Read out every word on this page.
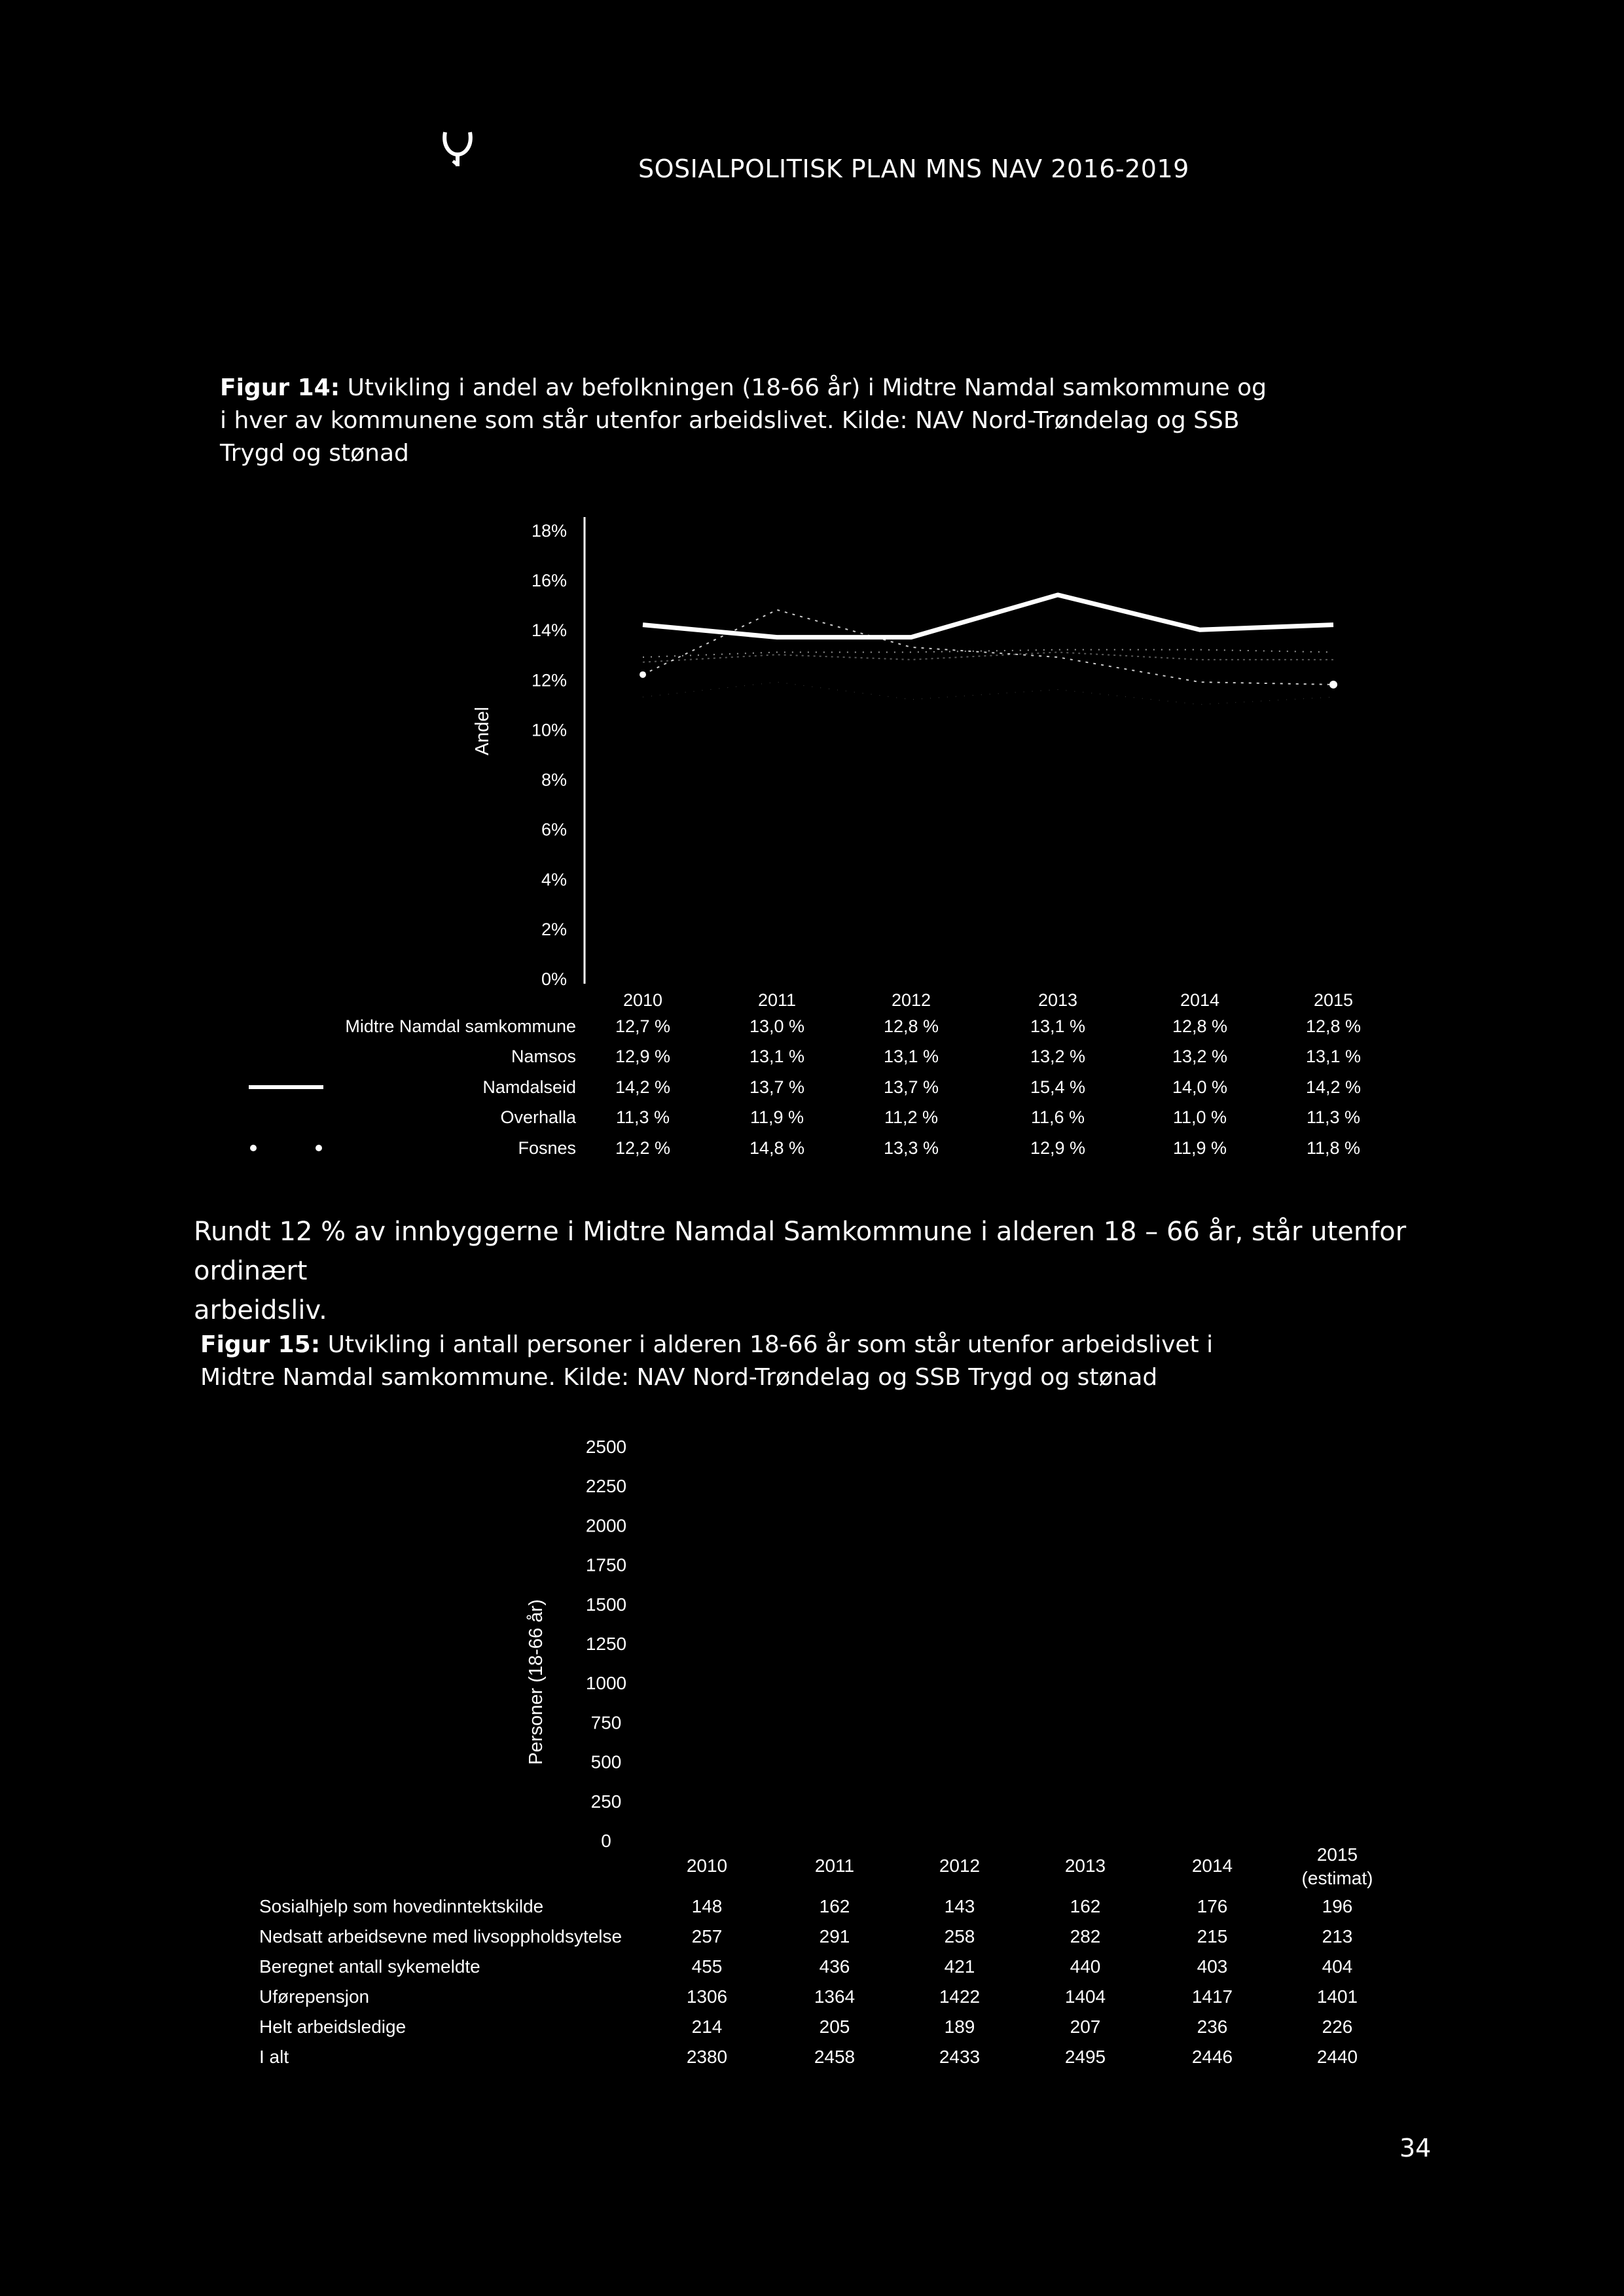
SOSIALPOLITISK PLAN MNS NAV 2016-2019
Figur 14: Utvikling i andel av befolkningen (18-66 år) i Midtre Namdal samkommune og
i hver av kommunene som står utenfor arbeidslivet. Kilde: NAV Nord-Trøndelag og SSB
Trygd og stønad
0%
2%
4%
6%
8%
10%
12%
14%
16%
18%
Andel
2010	2011	2012	2013	2014	2015
Midtre Namdal samkommune 12,7 %	13,0 %	12,8 %	13,1 %	12,8 %	12,8 %
Namsos 12,9 %	13,1 %	13,1 %	13,2 %	13,2 %	13,1 %
Namdalseid 14,2 %	13,7 %	13,7 %	15,4 %	14,0 %	14,2 %
Overhalla 11,3 %	11,9 %	11,2 %	11,6 %	11,0 %	11,3 %
Fosnes 12,2 %	14,8 %	13,3 %	12,9 %	11,9 %	11,8 %
Rundt 12 % av innbyggerne i Midtre Namdal Samkommune i alderen 18 – 66 år, står utenfor ordinært
arbeidsliv.
Figur 15: Utvikling i antall personer i alderen 18-66 år som står utenfor arbeidslivet i
Midtre Namdal samkommune. Kilde: NAV Nord-Trøndelag og SSB Trygd og stønad
0
250
500
750
1000
1250
1500
1750
2000
2250
2500
Personer (18-66 år)
2010	2011	2012	2013	2014
2015
(estimat)
Sosialhjelp som hovedinntektskilde	148	162	143	162	176	196
Nedsatt arbeidsevne med livsoppholdsytelse	257	291	258	282	215	213
Beregnet antall sykemeldte	455	436	421	440	403	404
Uførepensjon	1306	1364	1422	1404	1417	1401
Helt arbeidsledige	214	205	189	207	236	226
I alt	2380	2458	2433	2495	2446	2440
34
